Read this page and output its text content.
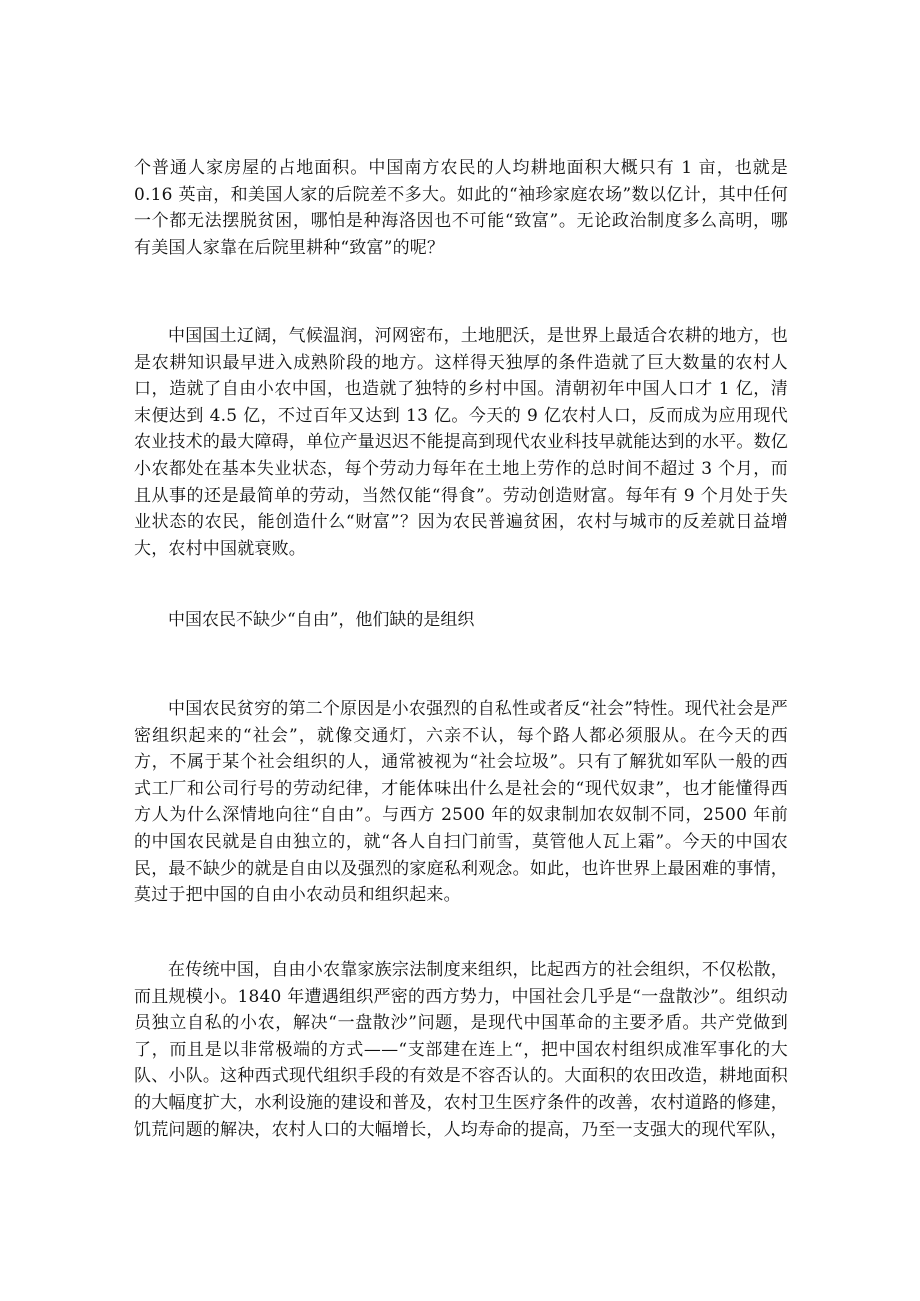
个普通人家房屋的占地面积。中国南方农民的人均耕地面积大概只有 1 亩，也就是 0.16 英亩，和美国人家的后院差不多大。如此的“袖珍家庭农场”数以亿计，其中任何一个都无法摆脱贫困，哪怕是种海洛因也不可能“致富”。无论政治制度多么高明，哪有美国人家靠在后院里耕种“致富”的呢？

中国国土辽阔，气候温润，河网密布，土地肥沃，是世界上最适合农耕的地方，也是农耕知识最早进入成熟阶段的地方。这样得天独厚的条件造就了巨大数量的农村人口，造就了自由小农中国，也造就了独特的乡村中国。清朝初年中国人口才 1 亿，清末便达到 4.5 亿，不过百年又达到 13 亿。今天的 9 亿农村人口，反而成为应用现代农业技术的最大障碍，单位产量迟迟不能提高到现代农业科技早就能达到的水平。数亿小农都处在基本失业状态，每个劳动力每年在土地上劳作的总时间不超过 3 个月，而且从事的还是最简单的劳动，当然仅能“得食”。劳动创造财富。每年有 9 个月处于失业状态的农民，能创造什么“财富”？因为农民普遍贫困，农村与城市的反差就日益增大，农村中国就衰败。

中国农民不缺少“自由”，他们缺的是组织

中国农民贫穷的第二个原因是小农强烈的自私性或者反“社会”特性。现代社会是严密组织起来的“社会”，就像交通灯，六亲不认，每个路人都必须服从。在今天的西方，不属于某个社会组织的人，通常被视为“社会垃圾”。只有了解犹如军队一般的西式工厂和公司行号的劳动纪律，才能体味出什么是社会的“现代奴隶”，也才能懂得西方人为什么深情地向往“自由”。与西方 2500 年的奴隶制加农奴制不同，2500 年前的中国农民就是自由独立的，就“各人自扫门前雪，莫管他人瓦上霜”。今天的中国农民，最不缺少的就是自由以及强烈的家庭私利观念。如此，也许世界上最困难的事情，莫过于把中国的自由小农动员和组织起来。

在传统中国，自由小农靠家族宗法制度来组织，比起西方的社会组织，不仅松散，而且规模小。1840 年遭遇组织严密的西方势力，中国社会几乎是“一盘散沙”。组织动员独立自私的小农，解决“一盘散沙”问题，是现代中国革命的主要矛盾。共产党做到了，而且是以非常极端的方式——“支部建在连上“，把中国农村组织成准军事化的大队、小队。这种西式现代组织手段的有效是不容否认的。大面积的农田改造，耕地面积的大幅度扩大，水利设施的建设和普及，农村卫生医疗条件的改善，农村道路的修建，饥荒问题的解决，农村人口的大幅增长，人均寿命的提高，乃至一支强大的现代军队，
